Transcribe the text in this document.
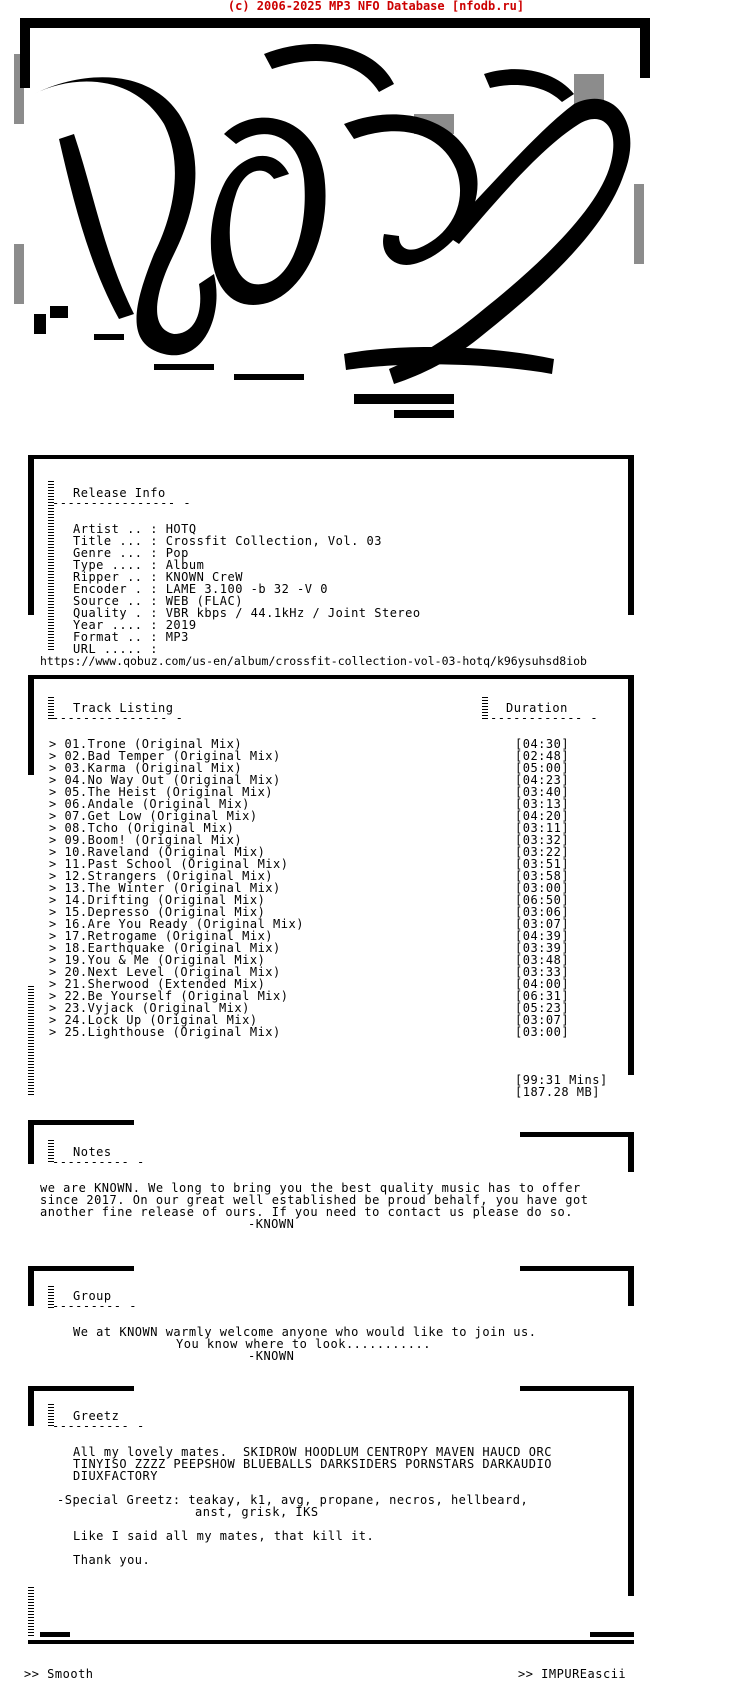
(c) 2006-2025 MP3 NFO Database [nfodb.ru]
sM
Release Info
---------------- -
Artist .. : HOTQ
Title ... : Crossfit Collection, Vol. 03
Genre ... : Pop
Type .... : Album
Ripper .. : KNOWN CreW
Encoder . : LAME 3.100 -b 32 -V 0
Source .. : WEB (FLAC)
Quality . : VBR kbps / 44.1kHz / Joint Stereo
Year .... : 2019
Format .. : MP3
URL ..... :
https://www.qobuz.com/us-en/album/crossfit-collection-vol-03-hotq/k96ysuhsd8iob
Track Listing
--------------- -
Duration
------------ -
> 01.Trone (Original Mix)	[04:30]
> 02.Bad Temper (Original Mix)	[02:48]
> 03.Karma (Original Mix)	[05:00]
> 04.No Way Out (Original Mix)	[04:23]
> 05.The Heist (Original Mix)	[03:40]
> 06.Andale (Original Mix)	[03:13]
> 07.Get Low (Original Mix)	[04:20]
> 08.Tcho (Original Mix)	[03:11]
> 09.Boom! (Original Mix)	[03:32]
> 10.Raveland (Original Mix)	[03:22]
> 11.Past School (Original Mix)	[03:51]
> 12.Strangers (Original Mix)	[03:58]
> 13.The Winter (Original Mix)	[03:00]
> 14.Drifting (Original Mix)	[06:50]
> 15.Depresso (Original Mix)	[03:06]
> 16.Are You Ready (Original Mix)	[03:07]
> 17.Retrogame (Original Mix)	[04:39]
> 18.Earthquake (Original Mix)	[03:39]
> 19.You & Me (Original Mix)	[03:48]
> 20.Next Level (Original Mix)	[03:33]
> 21.Sherwood (Extended Mix)	[04:00]
> 22.Be Yourself (Original Mix)	[06:31]
> 23.Vyjack (Original Mix)	[05:23]
> 24.Lock Up (Original Mix)	[03:07]
> 25.Lighthouse (Original Mix)	[03:00]
[99:31 Mins]
[187.28 MB]
Notes
---------- -
we are KNOWN. We long to bring you the best quality music has to offer
since 2017. On our great well established be proud behalf, you have got
another fine release of ours. If you need to contact us please do so.
-KNOWN
Group
--------- -
We at KNOWN warmly welcome anyone who would like to join us.
You know where to look...........
-KNOWN
Greetz
---------- -
All my lovely mates.  SKIDROW HOODLUM CENTROPY MAVEN HAUCD ORC
TINYISO ZZZZ PEEPSHOW BLUEBALLS DARKSIDERS PORNSTARS DARKAUDIO
DIUXFACTORY
-Special Greetz: teakay, k1, avg, propane, necros, hellbeard,
anst, grisk, IKS
Like I said all my mates, that kill it.
Thank you.
>> Smooth	>> IMPUREascii
